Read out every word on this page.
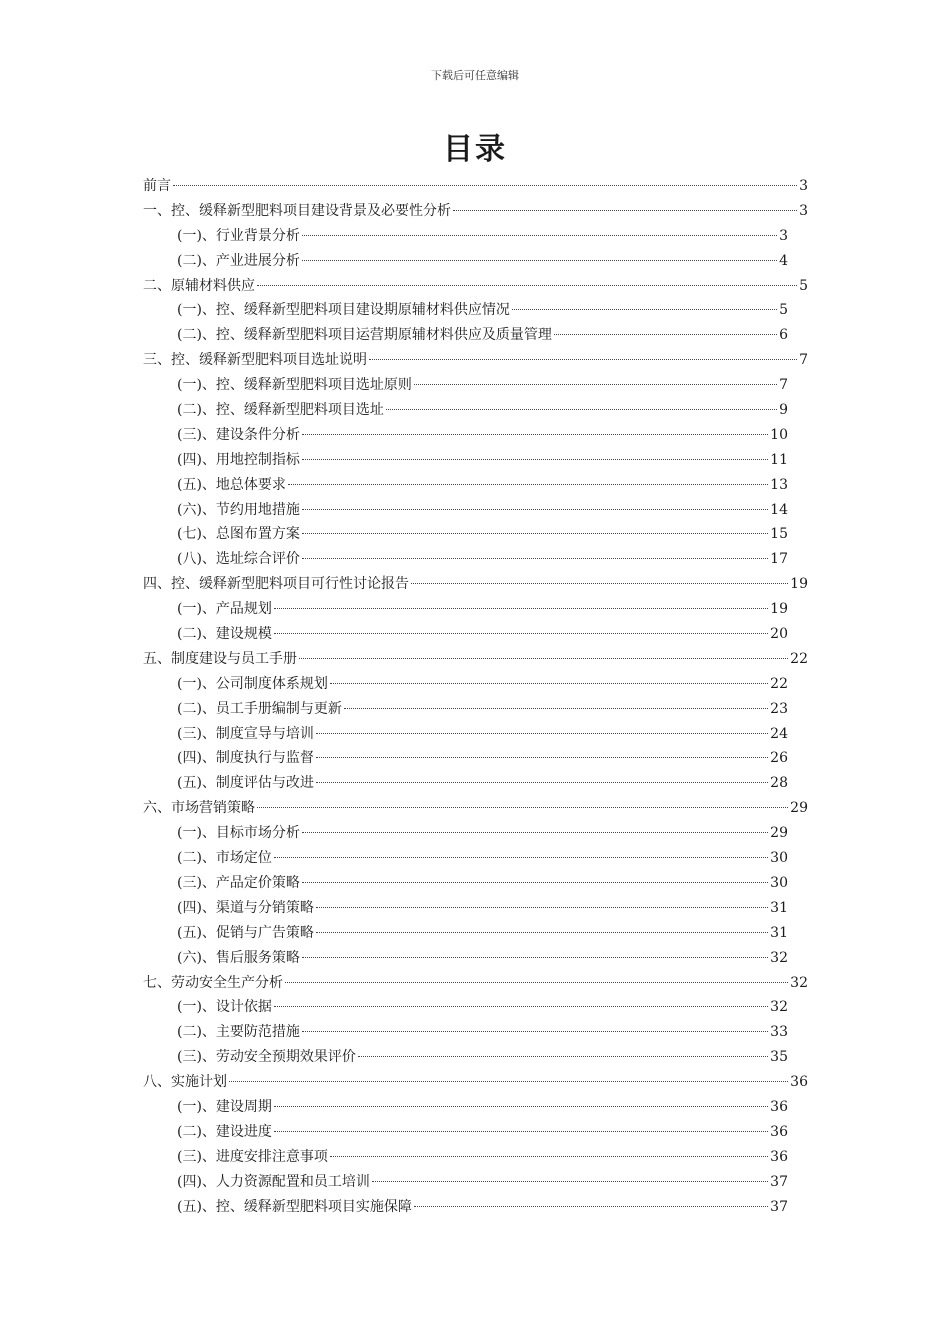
下载后可任意编辑
目录
前言	3
一、控、缓释新型肥料项目建设背景及必要性分析	3
(一)、行业背景分析	3
(二)、产业进展分析	4
二、原辅材料供应	5
(一)、控、缓释新型肥料项目建设期原辅材料供应情况	5
(二)、控、缓释新型肥料项目运营期原辅材料供应及质量管理	6
三、控、缓释新型肥料项目选址说明	7
(一)、控、缓释新型肥料项目选址原则	7
(二)、控、缓释新型肥料项目选址	9
(三)、建设条件分析	10
(四)、用地控制指标	11
(五)、地总体要求	13
(六)、节约用地措施	14
(七)、总图布置方案	15
(八)、选址综合评价	17
四、控、缓释新型肥料项目可行性讨论报告	19
(一)、产品规划	19
(二)、建设规模	20
五、制度建设与员工手册	22
(一)、公司制度体系规划	22
(二)、员工手册编制与更新	23
(三)、制度宣导与培训	24
(四)、制度执行与监督	26
(五)、制度评估与改进	28
六、市场营销策略	29
(一)、目标市场分析	29
(二)、市场定位	30
(三)、产品定价策略	30
(四)、渠道与分销策略	31
(五)、促销与广告策略	31
(六)、售后服务策略	32
七、劳动安全生产分析	32
(一)、设计依据	32
(二)、主要防范措施	33
(三)、劳动安全预期效果评价	35
八、实施计划	36
(一)、建设周期	36
(二)、建设进度	36
(三)、进度安排注意事项	36
(四)、人力资源配置和员工培训	37
(五)、控、缓释新型肥料项目实施保障	37
